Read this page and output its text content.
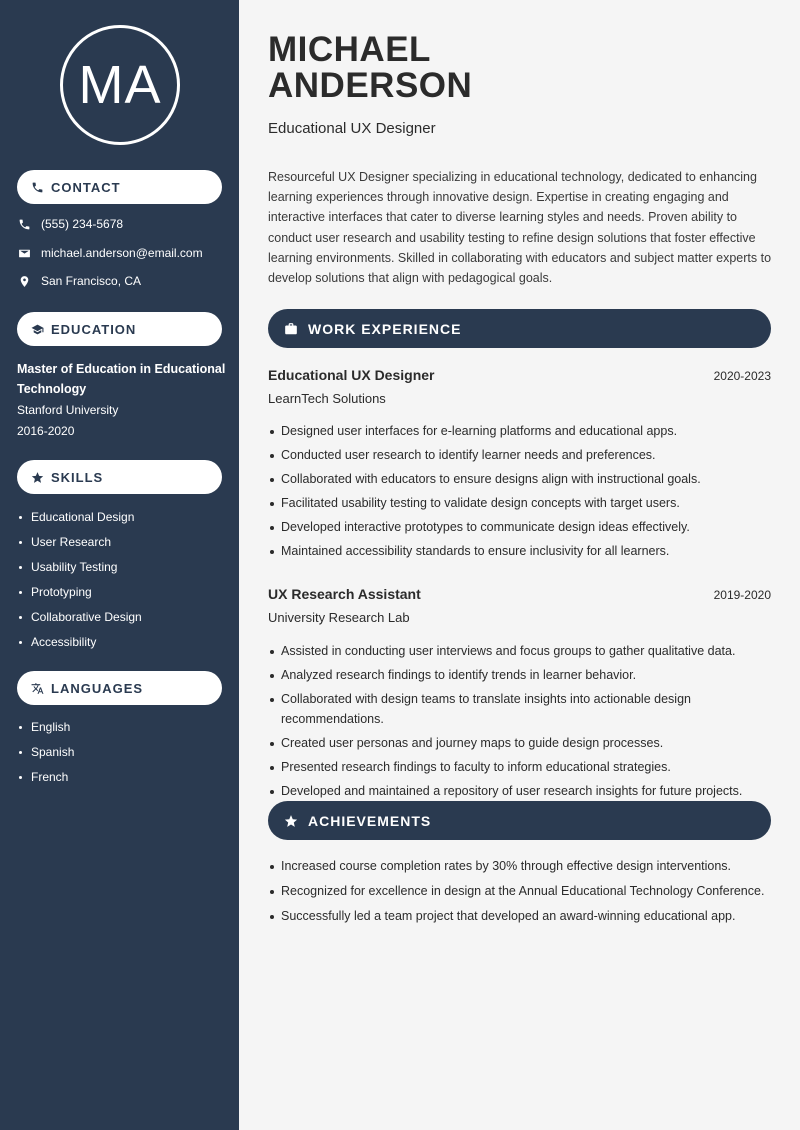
MA
CONTACT
(555) 234-5678
michael.anderson@email.com
San Francisco, CA
EDUCATION
Master of Education in Educational Technology
Stanford University
2016-2020
SKILLS
Educational Design
User Research
Usability Testing
Prototyping
Collaborative Design
Accessibility
LANGUAGES
English
Spanish
French
MICHAEL
ANDERSON
Educational UX Designer
Resourceful UX Designer specializing in educational technology, dedicated to enhancing learning experiences through innovative design. Expertise in creating engaging and interactive interfaces that cater to diverse learning styles and needs. Proven ability to conduct user research and usability testing to refine design solutions that foster effective learning environments. Skilled in collaborating with educators and subject matter experts to develop solutions that align with pedagogical goals.
WORK EXPERIENCE
Educational UX Designer	2020-2023
LearnTech Solutions
Designed user interfaces for e-learning platforms and educational apps.
Conducted user research to identify learner needs and preferences.
Collaborated with educators to ensure designs align with instructional goals.
Facilitated usability testing to validate design concepts with target users.
Developed interactive prototypes to communicate design ideas effectively.
Maintained accessibility standards to ensure inclusivity for all learners.
UX Research Assistant	2019-2020
University Research Lab
Assisted in conducting user interviews and focus groups to gather qualitative data.
Analyzed research findings to identify trends in learner behavior.
Collaborated with design teams to translate insights into actionable design recommendations.
Created user personas and journey maps to guide design processes.
Presented research findings to faculty to inform educational strategies.
Developed and maintained a repository of user research insights for future projects.
ACHIEVEMENTS
Increased course completion rates by 30% through effective design interventions.
Recognized for excellence in design at the Annual Educational Technology Conference.
Successfully led a team project that developed an award-winning educational app.
